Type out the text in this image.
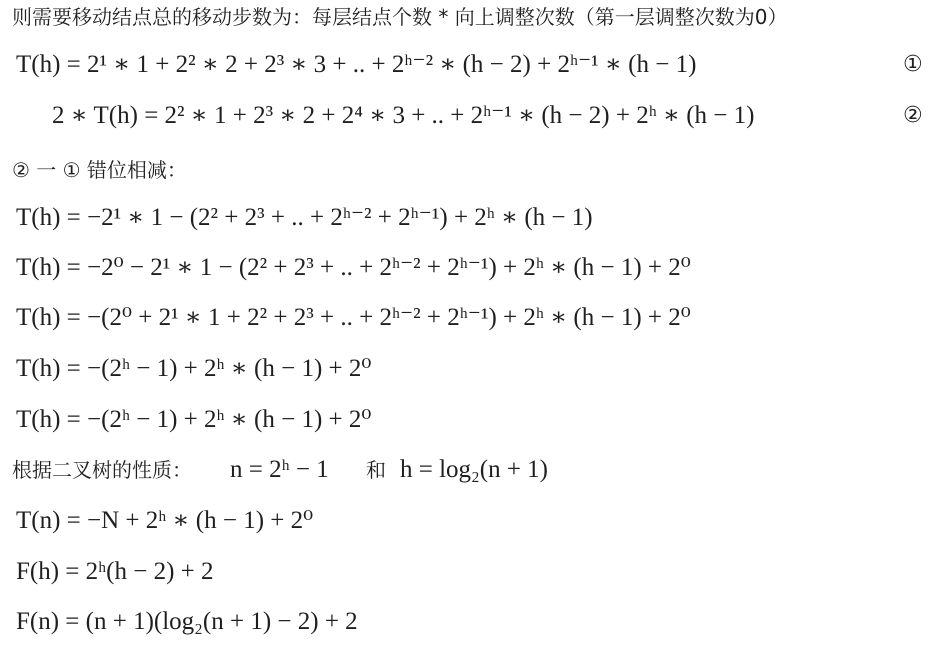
则需要移动结点总的移动步数为：每层结点个数 * 向上调整次数（第一层调整次数为0）
T(h) = 2¹ ∗ 1 + 2² ∗ 2 + 2³ ∗ 3 + .. + 2ʰ⁻² ∗ (h − 2) + 2ʰ⁻¹ ∗ (h − 1)	①
2 ∗ T(h) = 2² ∗ 1 + 2³ ∗ 2 + 2⁴ ∗ 3 + .. + 2ʰ⁻¹ ∗ (h − 2) + 2ʰ ∗ (h − 1)	②
② 一 ① 错位相减：
T(h) = −2¹ ∗ 1 − (2² + 2³ + .. + 2ʰ⁻² + 2ʰ⁻¹) + 2ʰ ∗ (h − 1)
T(h) = −2⁰ − 2¹ ∗ 1 − (2² + 2³ + .. + 2ʰ⁻² + 2ʰ⁻¹) + 2ʰ ∗ (h − 1) + 2⁰
T(h) = −(2⁰ + 2¹ ∗ 1 + 2² + 2³ + .. + 2ʰ⁻² + 2ʰ⁻¹) + 2ʰ ∗ (h − 1) + 2⁰
T(h) = −(2ʰ − 1) + 2ʰ ∗ (h − 1) + 2⁰
T(h) = −(2ʰ − 1) + 2ʰ ∗ (h − 1) + 2⁰
根据二叉树的性质： n = 2ʰ − 1 和 h = log₂(n + 1)
T(n) = −N + 2ʰ ∗ (h − 1) + 2⁰
F(h) = 2ʰ(h − 2) + 2
F(n) = (n + 1)(log₂(n + 1) − 2) + 2
